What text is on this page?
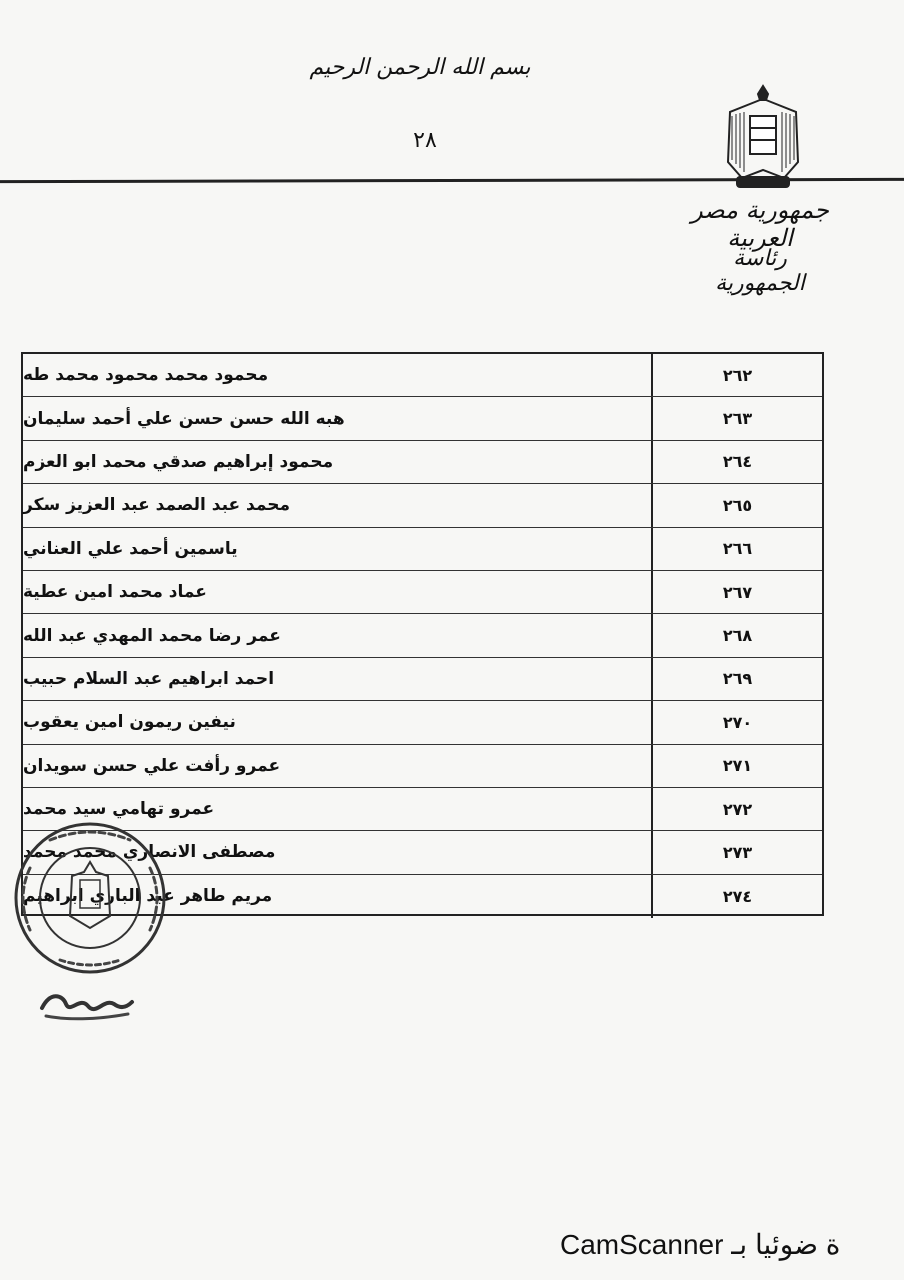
بسم الله الرحمن الرحيم
٢٨
جمهورية مصر العربية
رئاسة الجمهورية
محمود محمد محمود محمد طه	٢٦٢
هبه الله حسن حسن علي أحمد سليمان	٢٦٣
محمود إبراهيم صدقي محمد ابو العزم	٢٦٤
محمد عبد الصمد عبد العزيز سكر	٢٦٥
ياسمين أحمد علي العناني	٢٦٦
عماد محمد امين عطية	٢٦٧
عمر رضا محمد المهدي عبد الله	٢٦٨
احمد ابراهيم عبد السلام حبيب	٢٦٩
نيفين ريمون امين يعقوب	٢٧٠
عمرو رأفت علي حسن سويدان	٢٧١
عمرو تهامي سيد محمد	٢٧٢
مصطفى الانصاري محمد محمد	٢٧٣
مريم طاهر عبد الباري ابراهيم	٢٧٤
CamScanner ة ضوئيا بـ
